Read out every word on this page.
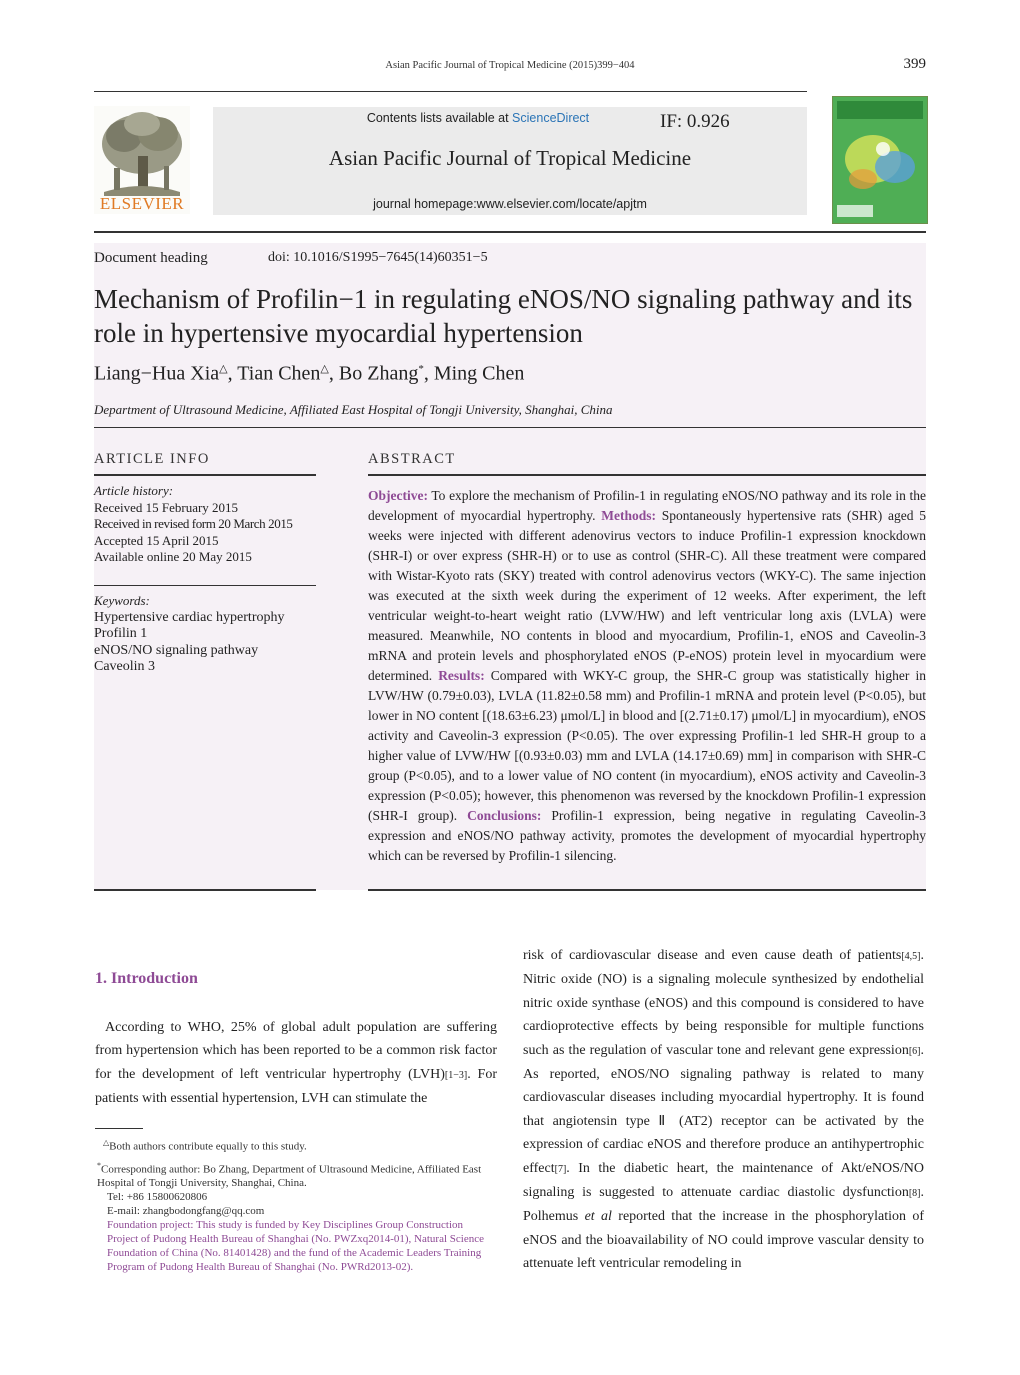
Asian Pacific Journal of Tropical Medicine (2015)399−404	399
ELSEVIER
Contents lists available at ScienceDirect	IF: 0.926
Asian Pacific Journal of Tropical Medicine
journal homepage:www.elsevier.com/locate/apjtm
Document heading	doi: 10.1016/S1995−7645(14)60351−5
Mechanism of Profilin−1 in regulating eNOS/NO signaling pathway and its role in hypertensive myocardial hypertension
Liang−Hua Xia△, Tian Chen△, Bo Zhang*, Ming Chen
Department of Ultrasound Medicine, Affiliated East Hospital of Tongji University, Shanghai, China
ARTICLE INFO
Article history:
Received 15 February 2015
Received in revised form 20 March 2015
Accepted 15 April 2015
Available online 20 May 2015
Keywords:
Hypertensive cardiac hypertrophy
Profilin 1
eNOS/NO signaling pathway
Caveolin 3
ABSTRACT
Objective: To explore the mechanism of Profilin-1 in regulating eNOS/NO pathway and its role in the development of myocardial hypertrophy. Methods: Spontaneously hypertensive rats (SHR) aged 5 weeks were injected with different adenovirus vectors to induce Profilin-1 expression knockdown (SHR-I) or over express (SHR-H) or to use as control (SHR-C). All these treatment were compared with Wistar-Kyoto rats (SKY) treated with control adenovirus vectors (WKY-C). The same injection was executed at the sixth week during the experiment of 12 weeks. After experiment, the left ventricular weight-to-heart weight ratio (LVW/HW) and left ventricular long axis (LVLA) were measured. Meanwhile, NO contents in blood and myocardium, Profilin-1, eNOS and Caveolin-3 mRNA and protein levels and phosphorylated eNOS (P-eNOS) protein level in myocardium were determined. Results: Compared with WKY-C group, the SHR-C group was statistically higher in LVW/HW (0.79±0.03), LVLA (11.82±0.58 mm) and Profilin-1 mRNA and protein level (P<0.05), but lower in NO content [(18.63±6.23) μmol/L] in blood and [(2.71±0.17) μmol/L] in myocardium), eNOS activity and Caveolin-3 expression (P<0.05). The over expressing Profilin-1 led SHR-H group to a higher value of LVW/HW [(0.93±0.03) mm and LVLA (14.17±0.69) mm] in comparison with SHR-C group (P<0.05), and to a lower value of NO content (in myocardium), eNOS activity and Caveolin-3 expression (P<0.05); however, this phenomenon was reversed by the knockdown Profilin-1 expression (SHR-I group). Conclusions: Profilin-1 expression, being negative in regulating Caveolin-3 expression and eNOS/NO pathway activity, promotes the development of myocardial hypertrophy which can be reversed by Profilin-1 silencing.
1. Introduction
According to WHO, 25% of global adult population are suffering from hypertension which has been reported to be a common risk factor for the development of left ventricular hypertrophy (LVH)[1−3]. For patients with essential hypertension, LVH can stimulate the
△Both authors contribute equally to this study.
*Corresponding author: Bo Zhang, Department of Ultrasound Medicine, Affiliated East Hospital of Tongji University, Shanghai, China.
Tel: +86 15800620806
E-mail: zhangbodongfang@qq.com
Foundation project: This study is funded by Key Disciplines Group Construction Project of Pudong Health Bureau of Shanghai (No. PWZxq2014-01), Natural Science Foundation of China (No. 81401428) and the fund of the Academic Leaders Training Program of Pudong Health Bureau of Shanghai (No. PWRd2013-02).
risk of cardiovascular disease and even cause death of patients[4,5]. Nitric oxide (NO) is a signaling molecule synthesized by endothelial nitric oxide synthase (eNOS) and this compound is considered to have cardioprotective effects by being responsible for multiple functions such as the regulation of vascular tone and relevant gene expression[6]. As reported, eNOS/NO signaling pathway is related to many cardiovascular diseases including myocardial hypertrophy. It is found that angiotensin type Ⅱ (AT2) receptor can be activated by the expression of cardiac eNOS and therefore produce an antihypertrophic effect[7]. In the diabetic heart, the maintenance of Akt/eNOS/NO signaling is suggested to attenuate cardiac diastolic dysfunction[8]. Polhemus et al reported that the increase in the phosphorylation of eNOS and the bioavailability of NO could improve vascular density to attenuate left ventricular remodeling in
